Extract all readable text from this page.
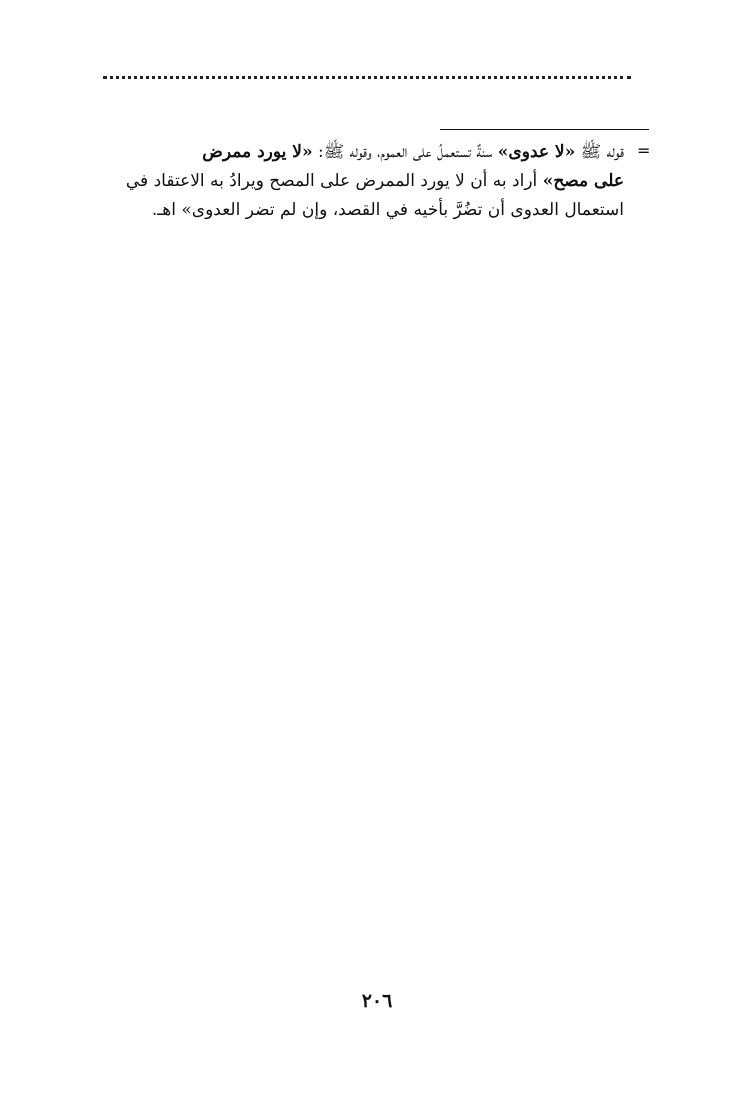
=
قوله ﷺ «لا عدوى» سنةٌ تستعملُ على العموم، وقوله ﷺ: «لا يورد ممرض
على مصح» أراد به أن لا يورد الممرض على المصح ويرادُ به الاعتقاد في
استعمال العدوى أن تضُرَّ بأخيه في القصد، وإن لم تضر العدوى» اهـ.
٢٠٦
